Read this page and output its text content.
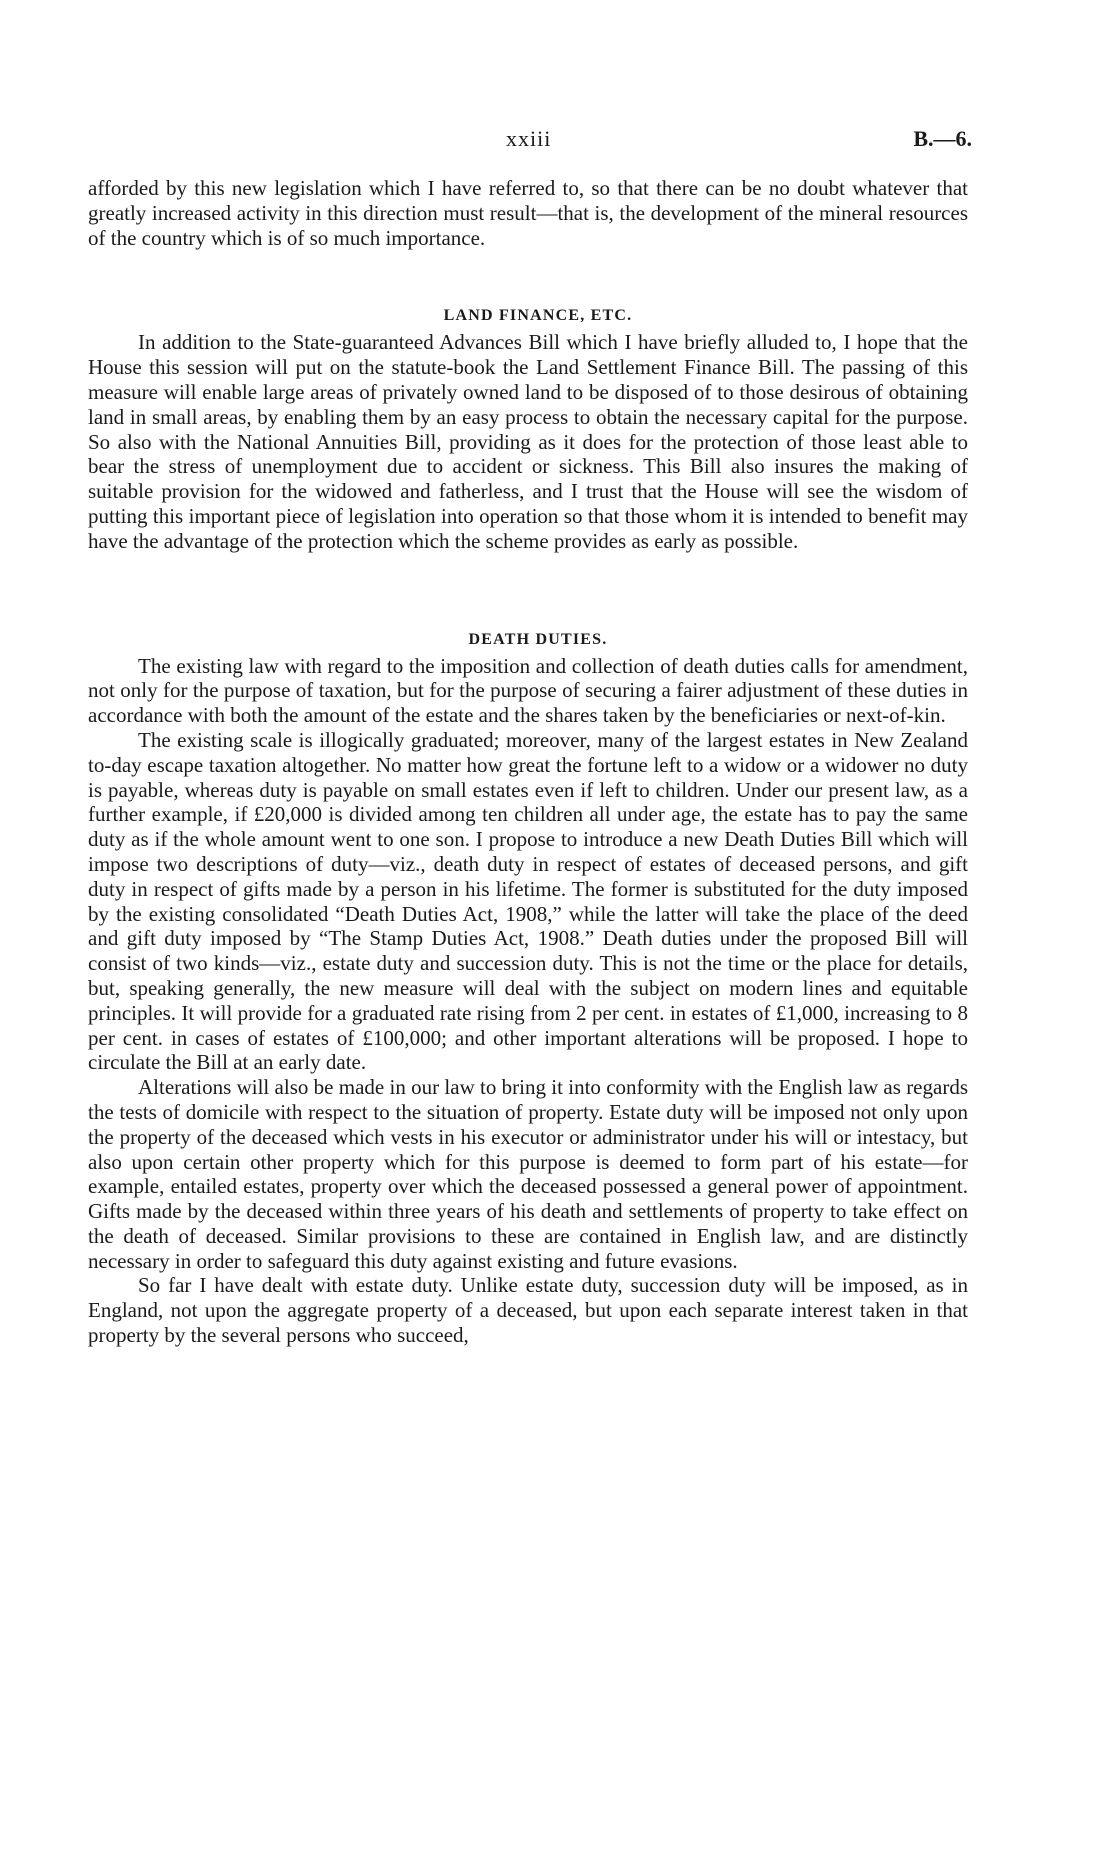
xxiii	B.—6.

afforded by this new legislation which I have referred to, so that there can be no doubt whatever that greatly increased activity in this direction must result—that is, the development of the mineral resources of the country which is of so much importance.

LAND FINANCE, ETC.

In addition to the State-guaranteed Advances Bill which I have briefly alluded to, I hope that the House this session will put on the statute-book the Land Settlement Finance Bill. The passing of this measure will enable large areas of privately owned land to be disposed of to those desirous of obtaining land in small areas, by enabling them by an easy process to obtain the necessary capital for the purpose. So also with the National Annuities Bill, providing as it does for the protection of those least able to bear the stress of unemployment due to accident or sickness. This Bill also insures the making of suitable provision for the widowed and fatherless, and I trust that the House will see the wisdom of putting this important piece of legislation into operation so that those whom it is intended to benefit may have the advantage of the protection which the scheme provides as early as possible.

DEATH DUTIES.

The existing law with regard to the imposition and collection of death duties calls for amendment, not only for the purpose of taxation, but for the purpose of securing a fairer adjustment of these duties in accordance with both the amount of the estate and the shares taken by the beneficiaries or next-of-kin.

The existing scale is illogically graduated; moreover, many of the largest estates in New Zealand to-day escape taxation altogether. No matter how great the fortune left to a widow or a widower no duty is payable, whereas duty is payable on small estates even if left to children. Under our present law, as a further example, if £20,000 is divided among ten children all under age, the estate has to pay the same duty as if the whole amount went to one son. I propose to introduce a new Death Duties Bill which will impose two descriptions of duty—viz., death duty in respect of estates of deceased persons, and gift duty in respect of gifts made by a person in his lifetime. The former is substituted for the duty imposed by the existing consolidated “Death Duties Act, 1908,” while the latter will take the place of the deed and gift duty imposed by “The Stamp Duties Act, 1908.” Death duties under the proposed Bill will consist of two kinds—viz., estate duty and succession duty. This is not the time or the place for details, but, speaking generally, the new measure will deal with the subject on modern lines and equitable principles. It will provide for a graduated rate rising from 2 per cent. in estates of £1,000, increasing to 8 per cent. in cases of estates of £100,000; and other important alterations will be proposed. I hope to circulate the Bill at an early date.

Alterations will also be made in our law to bring it into conformity with the English law as regards the tests of domicile with respect to the situation of property. Estate duty will be imposed not only upon the property of the deceased which vests in his executor or administrator under his will or intestacy, but also upon certain other property which for this purpose is deemed to form part of his estate—for example, entailed estates, property over which the deceased possessed a general power of appointment. Gifts made by the deceased within three years of his death and settlements of property to take effect on the death of deceased. Similar provisions to these are contained in English law, and are distinctly necessary in order to safeguard this duty against existing and future evasions.

So far I have dealt with estate duty. Unlike estate duty, succession duty will be imposed, as in England, not upon the aggregate property of a deceased, but upon each separate interest taken in that property by the several persons who succeed,
